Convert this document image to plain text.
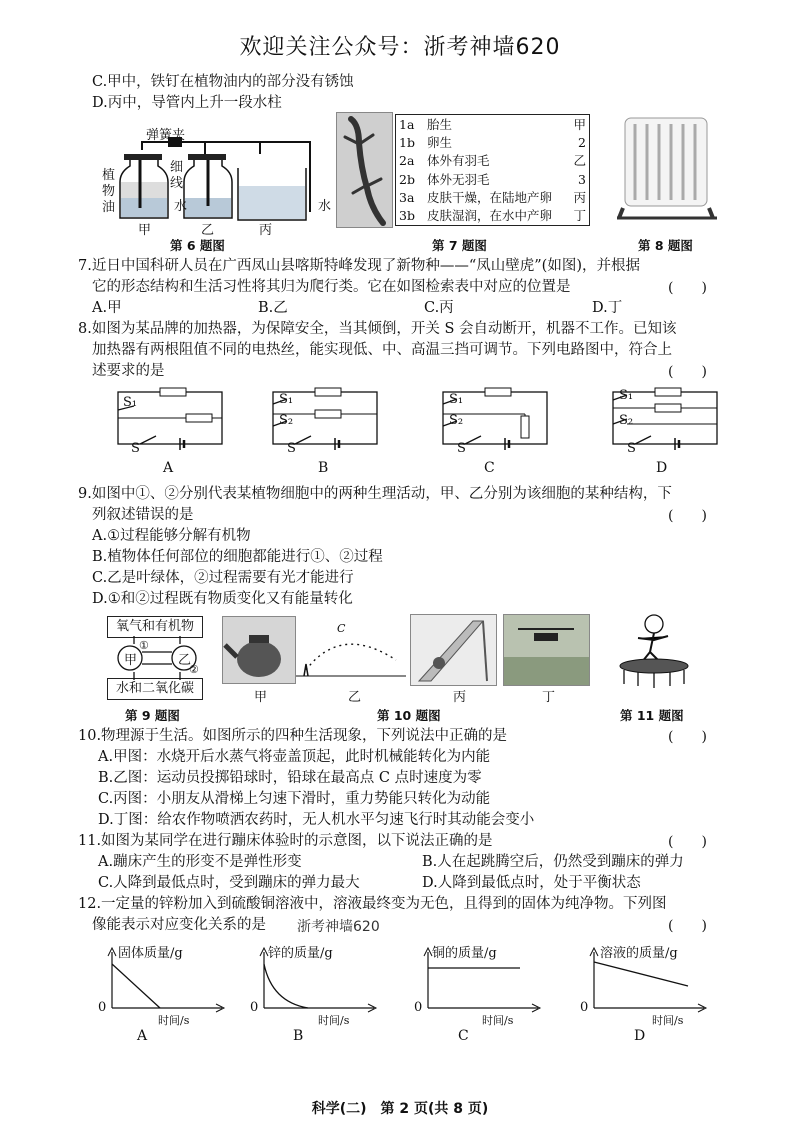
欢迎关注公众号：浙考神墙620
C.甲中，铁钉在植物油内的部分没有锈蚀
D.丙中，导管内上升一段水柱
弹簧夹
植物油
细线
水	水
甲	乙	丙
第 6 题图
1a	胎生	甲
1b	卵生	2
2a	体外有羽毛	乙
2b	体外无羽毛	3
3a	皮肤干燥，在陆地产卵	丙
3b	皮肤湿润，在水中产卵	丁
第 7 题图	第 8 题图
7.近日中国科研人员在广西凤山县喀斯特峰发现了新物种——“凤山壁虎”(如图)，并根据
它的形态结构和生活习性将其归为爬行类。它在如图检索表中对应的位置是	(　　)
A.甲	B.乙	C.丙	D.丁
8.如图为某品牌的加热器，为保障安全，当其倾倒，开关 S 会自动断开，机器不工作。已知该
加热器有两根阻值不同的电热丝，能实现低、中、高温三挡可调节。下列电路图中，符合上
述要求的是	(　　)
S₁
S
A
S₁
S₂
S
B
S₁
S₂
S
C
S₁
S₂
S
D
9.如图中①、②分别代表某植物细胞中的两种生理活动，甲、乙分别为该细胞的某种结构，下
列叙述错误的是	(　　)
A.①过程能够分解有机物
B.植物体任何部位的细胞都能进行①、②过程
C.乙是叶绿体，②过程需要有光才能进行
D.①和②过程既有物质变化又有能量转化
氧气和有机物
水和二氧化碳
甲	乙
①
②
第 9 题图
C
甲	乙	丙	丁
第 10 题图	第 11 题图
10.物理源于生活。如图所示的四种生活现象，下列说法中正确的是	(　　)
A.甲图：水烧开后水蒸气将壶盖顶起，此时机械能转化为内能
B.乙图：运动员投掷铅球时，铅球在最高点 C 点时速度为零
C.丙图：小朋友从滑梯上匀速下滑时，重力势能只转化为动能
D.丁图：给农作物喷洒农药时，无人机水平匀速飞行时其动能会变小
11.如图为某同学在进行蹦床体验时的示意图，以下说法正确的是	(　　)
A.蹦床产生的形变不是弹性形变	B.人在起跳腾空后，仍然受到蹦床的弹力
C.人降到最低点时，受到蹦床的弹力最大	D.人降到最低点时，处于平衡状态
12.一定量的锌粉加入到硫酸铜溶液中，溶液最终变为无色，且得到的固体为纯净物。下列图
像能表示对应变化关系的是 浙考神墙620	(　　)
固体质量/g
0
时间/s
A
锌的质量/g
0
时间/s
B
铜的质量/g
0
时间/s
C
溶液的质量/g
0
时间/s
D
科学(二)　第 2 页(共 8 页)
